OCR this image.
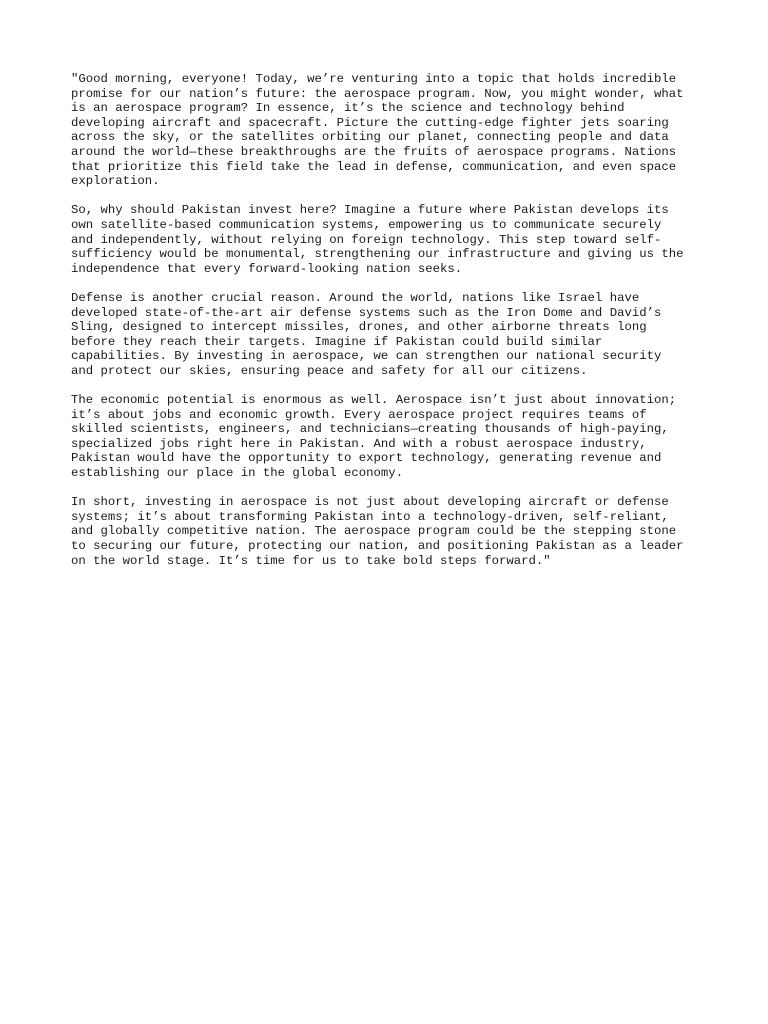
"Good morning, everyone! Today, we’re venturing into a topic that holds incredible
promise for our nation’s future: the aerospace program. Now, you might wonder, what
is an aerospace program? In essence, it’s the science and technology behind
developing aircraft and spacecraft. Picture the cutting-edge fighter jets soaring
across the sky, or the satellites orbiting our planet, connecting people and data
around the world—these breakthroughs are the fruits of aerospace programs. Nations
that prioritize this field take the lead in defense, communication, and even space
exploration.
So, why should Pakistan invest here? Imagine a future where Pakistan develops its
own satellite-based communication systems, empowering us to communicate securely
and independently, without relying on foreign technology. This step toward self-
sufficiency would be monumental, strengthening our infrastructure and giving us the
independence that every forward-looking nation seeks.
Defense is another crucial reason. Around the world, nations like Israel have
developed state-of-the-art air defense systems such as the Iron Dome and David’s
Sling, designed to intercept missiles, drones, and other airborne threats long
before they reach their targets. Imagine if Pakistan could build similar
capabilities. By investing in aerospace, we can strengthen our national security
and protect our skies, ensuring peace and safety for all our citizens.
The economic potential is enormous as well. Aerospace isn’t just about innovation;
it’s about jobs and economic growth. Every aerospace project requires teams of
skilled scientists, engineers, and technicians—creating thousands of high-paying,
specialized jobs right here in Pakistan. And with a robust aerospace industry,
Pakistan would have the opportunity to export technology, generating revenue and
establishing our place in the global economy.
In short, investing in aerospace is not just about developing aircraft or defense
systems; it’s about transforming Pakistan into a technology-driven, self-reliant,
and globally competitive nation. The aerospace program could be the stepping stone
to securing our future, protecting our nation, and positioning Pakistan as a leader
on the world stage. It’s time for us to take bold steps forward."
